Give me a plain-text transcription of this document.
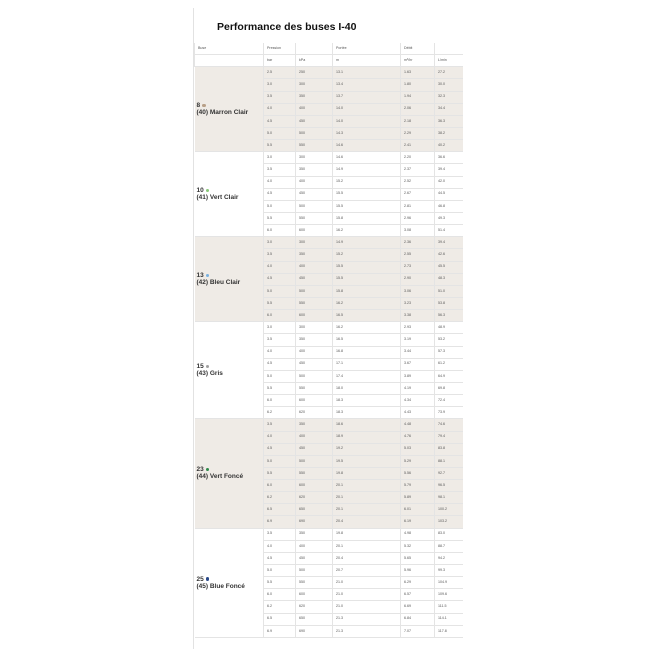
Performance des buses I-40
Buse	Pression		Portée	Débit	
	bar	kPa	m	m³/hr	L/min

8
(40) Marron Clair	2.5	250	13.1	1.63	27.2
	3.0	300	13.4	1.80	30.0
	3.5	350	13.7	1.94	32.3
	4.0	400	14.0	2.06	34.4
	4.5	450	14.0	2.18	36.3
	5.0	500	14.3	2.29	38.2
	5.5	550	14.6	2.41	40.2

10
(41) Vert Clair	3.0	300	14.6	2.20	36.6
	3.5	350	14.9	2.37	39.4
	4.0	400	15.2	2.52	42.0
	4.5	450	15.5	2.67	44.5
	5.0	500	15.5	2.81	46.8
	5.5	550	15.8	2.96	49.3
	6.0	600	16.2	3.08	51.4

13
(42) Bleu Clair	3.0	300	14.9	2.36	39.4
	3.5	350	15.2	2.55	42.6
	4.0	400	15.5	2.73	45.5
	4.5	450	15.5	2.90	48.3
	5.0	500	15.8	3.06	51.0
	5.5	550	16.2	3.23	53.8
	6.0	600	16.5	3.38	56.3

15
(43) Gris	3.0	300	16.2	2.93	48.9
	3.5	350	16.5	3.19	53.2
	4.0	400	16.8	3.44	57.3
	4.5	450	17.1	3.67	61.2
	5.0	500	17.4	3.89	64.9
	5.5	550	18.0	4.19	69.8
	6.0	600	18.3	4.34	72.4
	6.2	620	18.3	4.43	73.9

23
(44) Vert Foncé	3.5	350	18.6	4.48	74.6
	4.0	400	18.9	4.76	79.4
	4.5	450	19.2	5.03	83.8
	5.0	500	19.5	5.29	88.1
	5.5	550	19.8	5.56	92.7
	6.0	600	20.1	5.79	96.5
	6.2	620	20.1	5.89	98.1
	6.5	650	20.1	6.01	100.2
	6.9	690	20.4	6.19	103.2

25
(45) Blue Foncé	3.5	350	19.8	4.98	83.0
	4.0	400	20.1	5.32	88.7
	4.5	450	20.4	5.65	94.2
	5.0	500	20.7	5.96	99.3
	5.5	550	21.0	6.29	104.9
	6.0	600	21.0	6.57	109.6
	6.2	620	21.0	6.69	111.5
	6.5	650	21.3	6.84	114.1
	6.9	690	21.3	7.07	117.8
